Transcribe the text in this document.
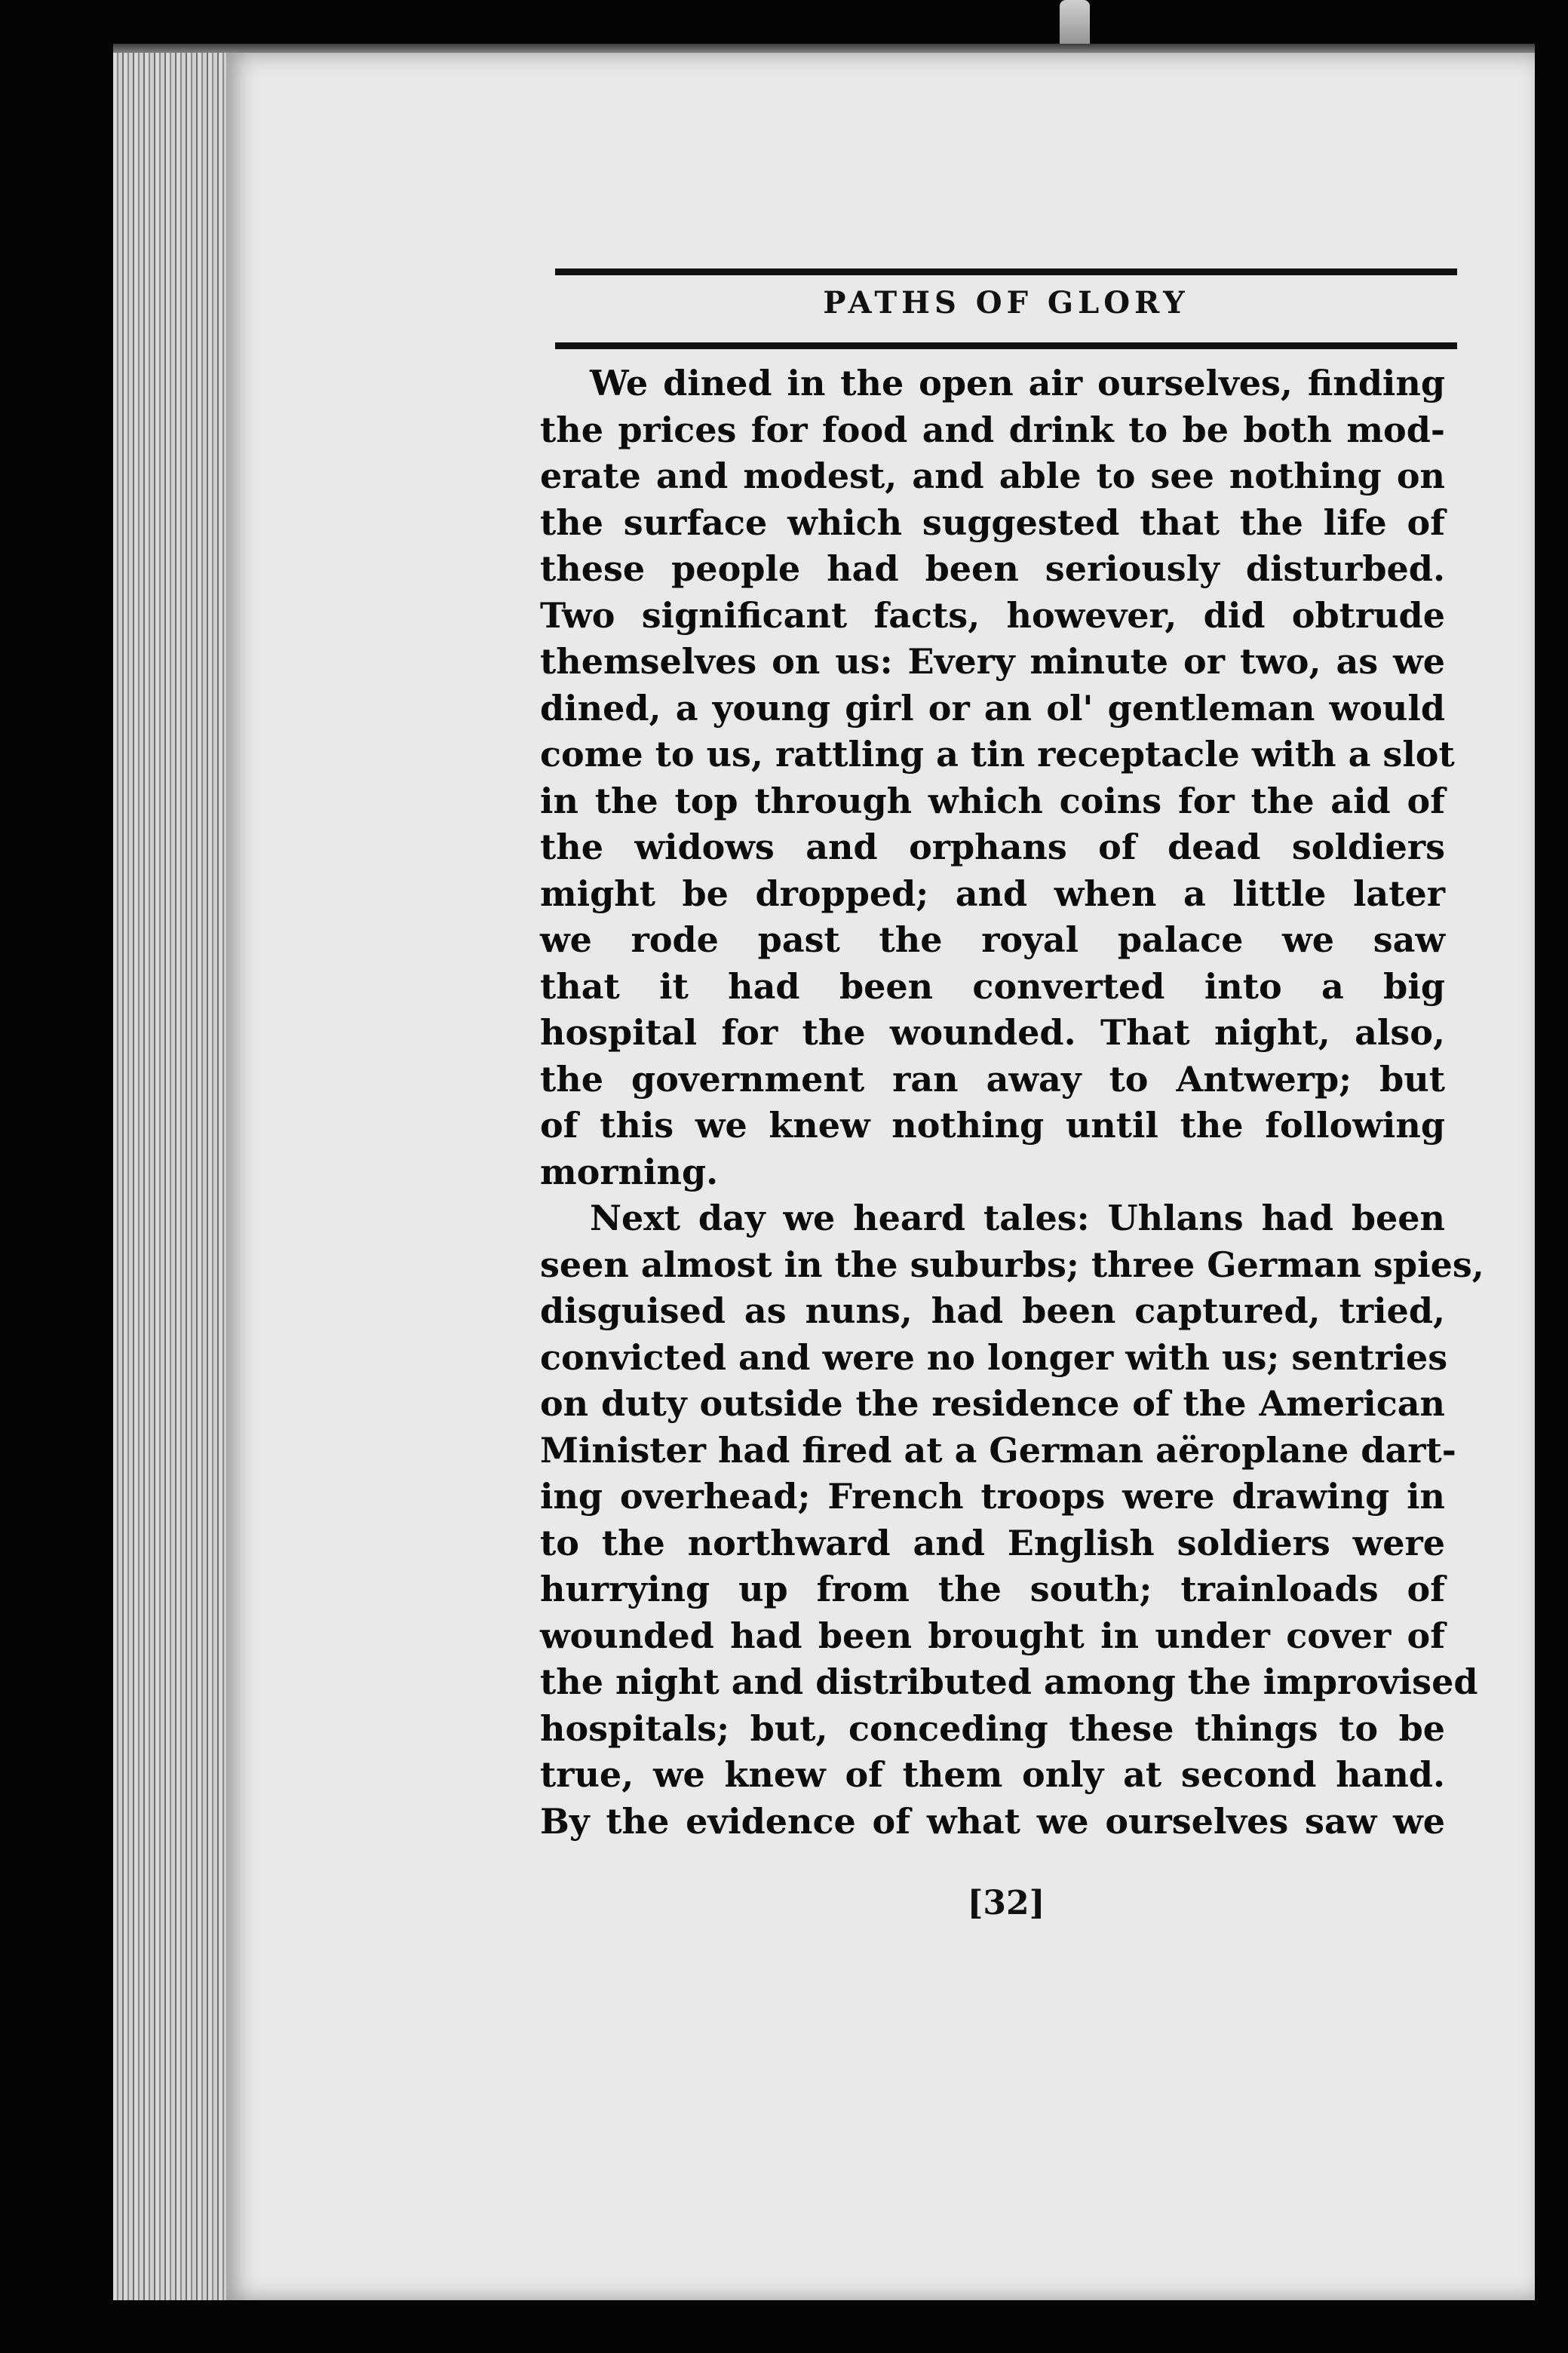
PATHS OF GLORY
We dined in the open air ourselves, finding
the prices for food and drink to be both mod-
erate and modest, and able to see nothing on
the surface which suggested that the life of
these people had been seriously disturbed.
Two significant facts, however, did obtrude
themselves on us: Every minute or two, as we
dined, a young girl or an ol' gentleman would
come to us, rattling a tin receptacle with a slot
in the top through which coins for the aid of
the widows and orphans of dead soldiers
might be dropped; and when a little later
we rode past the royal palace we saw
that it had been converted into a big
hospital for the wounded. That night, also,
the government ran away to Antwerp; but
of this we knew nothing until the following
morning.
Next day we heard tales: Uhlans had been
seen almost in the suburbs; three German spies,
disguised as nuns, had been captured, tried,
convicted and were no longer with us; sentries
on duty outside the residence of the American
Minister had fired at a German aëroplane dart-
ing overhead; French troops were drawing in
to the northward and English soldiers were
hurrying up from the south; trainloads of
wounded had been brought in under cover of
the night and distributed among the improvised
hospitals; but, conceding these things to be
true, we knew of them only at second hand.
By the evidence of what we ourselves saw we
[32]
